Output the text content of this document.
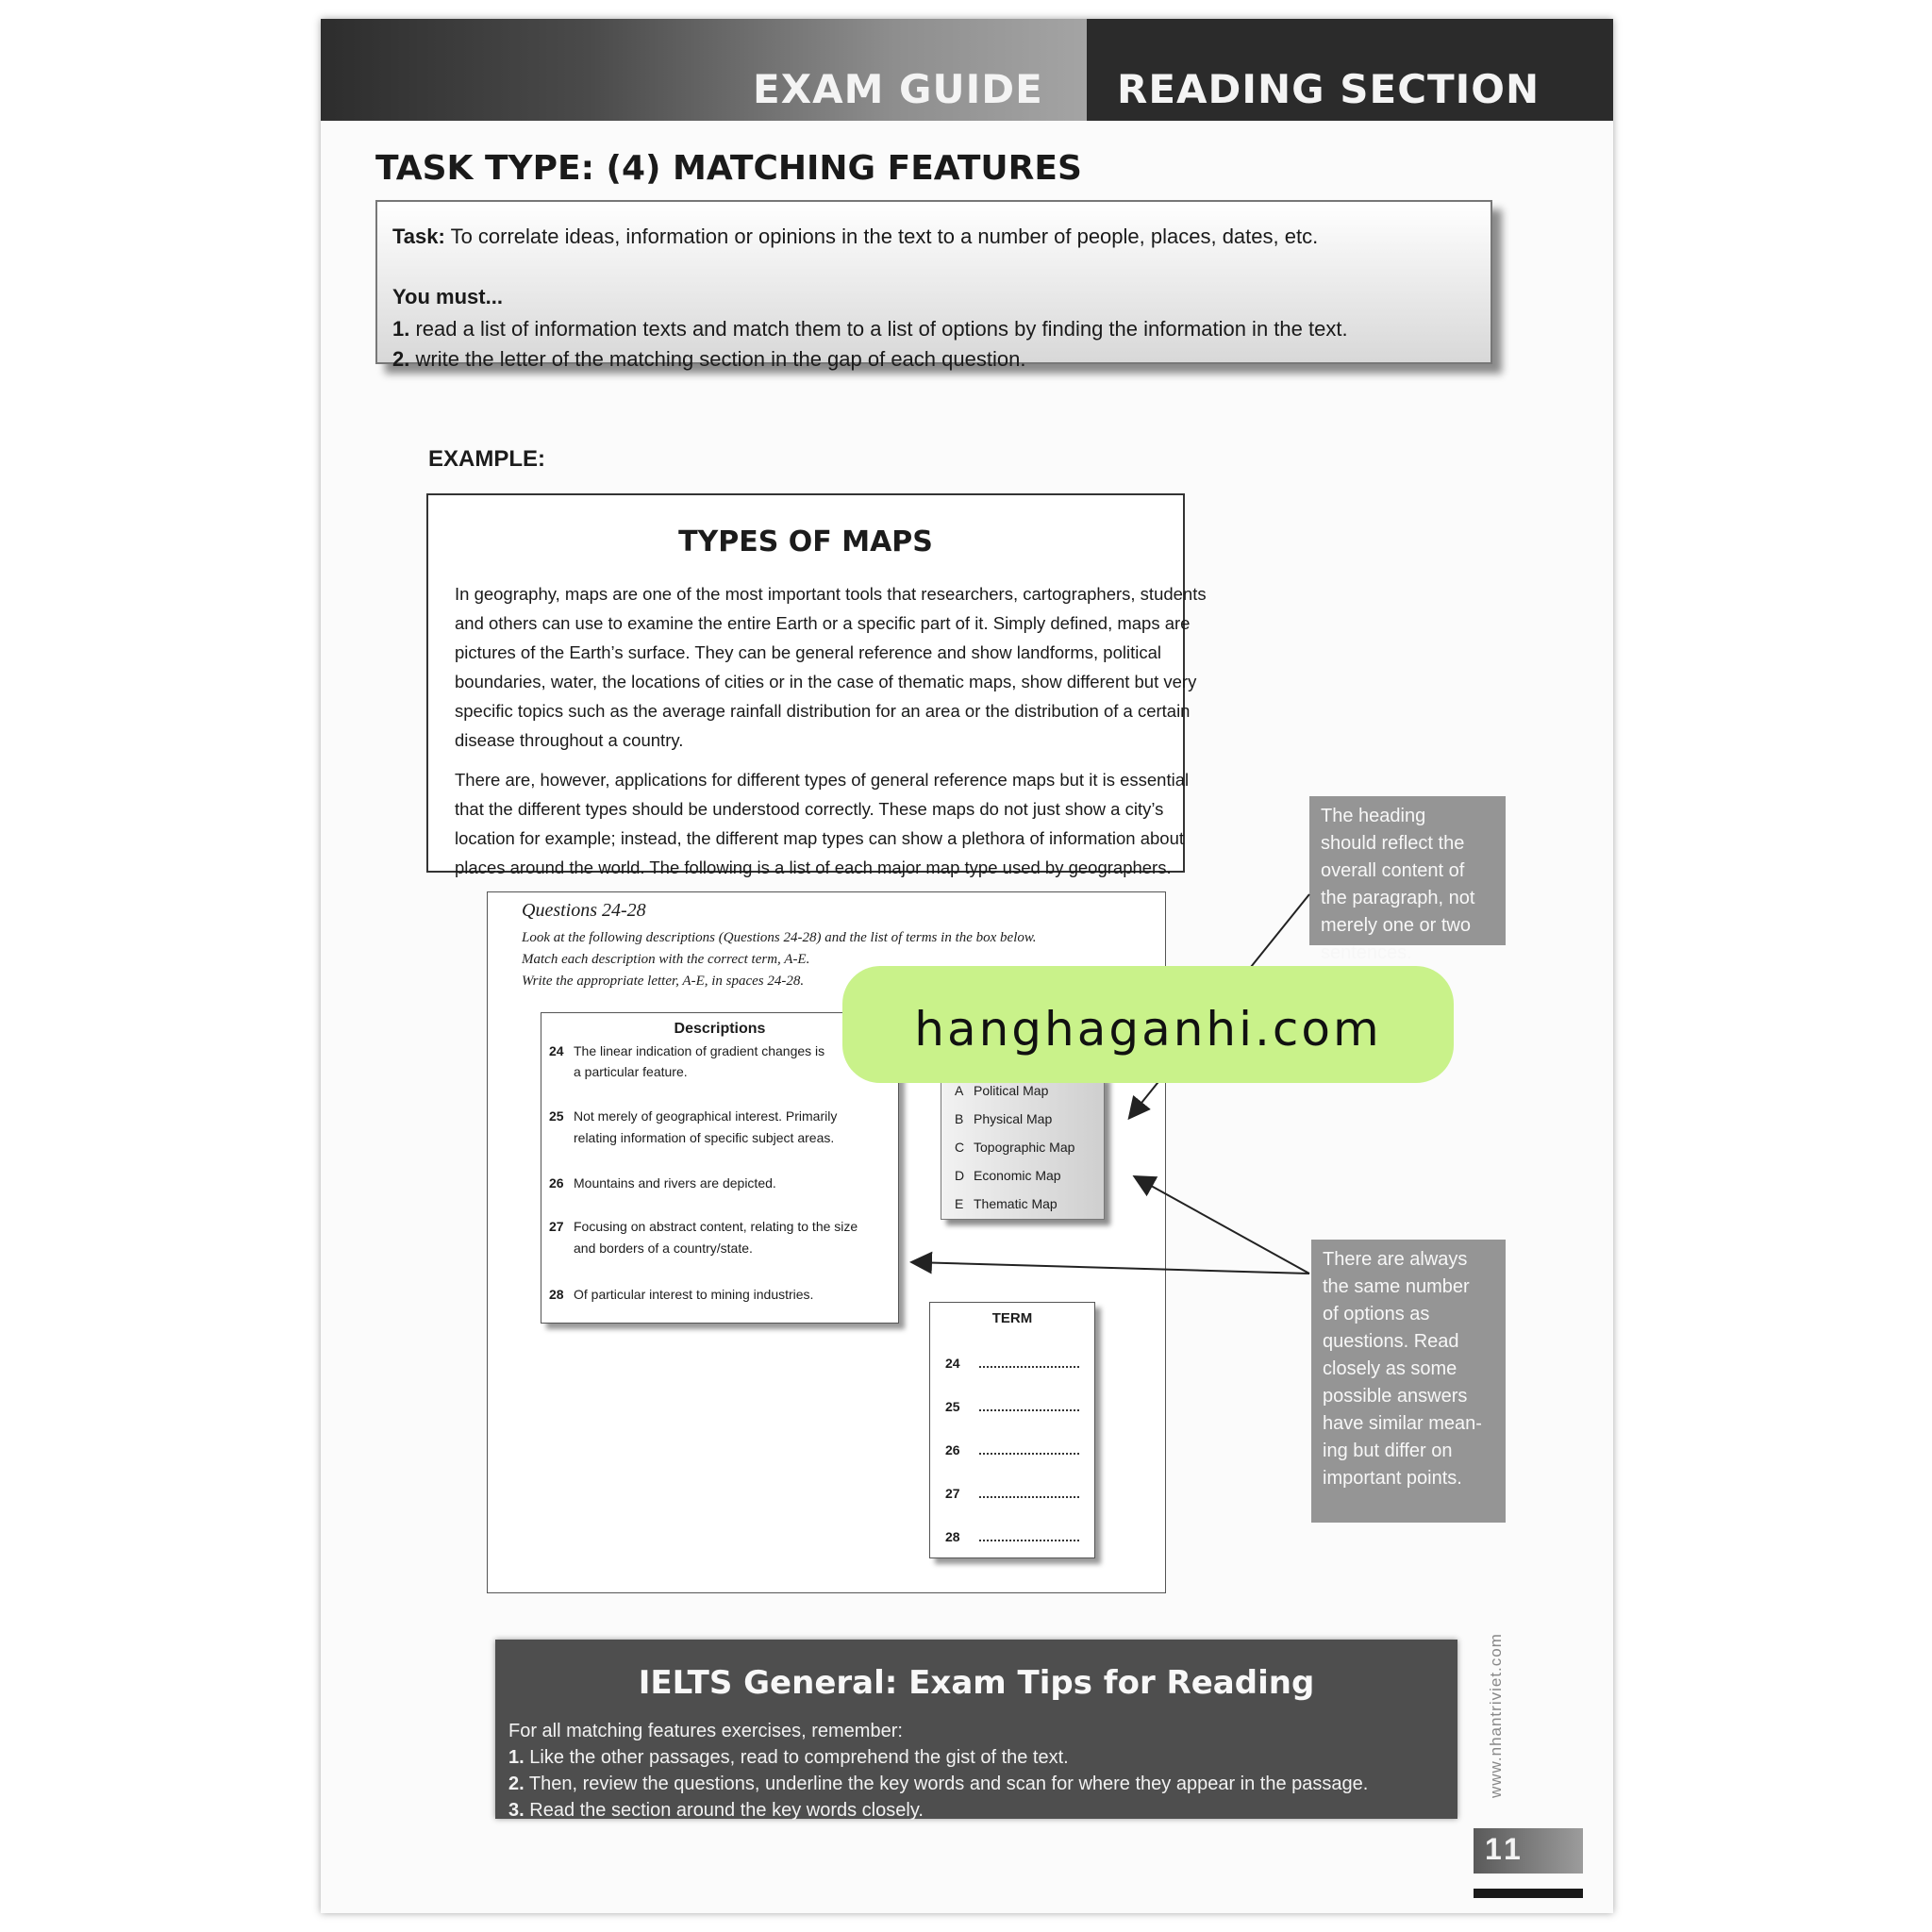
EXAM GUIDE READING SECTION
TASK TYPE: (4) MATCHING FEATURES
Task: To correlate ideas, information or opinions in the text to a number of people, places, dates, etc.
You must...
1. read a list of information texts and match them to a list of options by finding the information in the text.
2. write the letter of the matching section in the gap of each question.
EXAMPLE:
TYPES OF MAPS
In geography, maps are one of the most important tools that researchers, cartographers, students
and others can use to examine the entire Earth or a specific part of it. Simply defined, maps are
pictures of the Earth’s surface. They can be general reference and show landforms, political
boundaries, water, the locations of cities or in the case of thematic maps, show different but very
specific topics such as the average rainfall distribution for an area or the distribution of a certain
disease throughout a country.
There are, however, applications for different types of general reference maps but it is essential
that the different types should be understood correctly. These maps do not just show a city’s
location for example; instead, the different map types can show a plethora of information about
places around the world. The following is a list of each major map type used by geographers.
Questions 24-28
Look at the following descriptions (Questions 24-28) and the list of terms in the box below.
Match each description with the correct term, A-E.
Write the appropriate letter, A-E, in spaces 24-28.
Descriptions
24 The linear indication of gradient changes is
a particular feature.
25 Not merely of geographical interest. Primarily
relating information of specific subject areas.
26 Mountains and rivers are depicted.
27 Focusing on abstract content, relating to the size
and borders of a country/state.
28 Of particular interest to mining industries.
A Political Map
B Physical Map
C Topographic Map
D Economic Map
E Thematic Map
TERM
24
25
26
27
28
The heading
should reflect the
overall content of
the paragraph, not
merely one or two
sentences.
There are always
the same number
of options as
questions. Read
closely as some
possible answers
have similar mean-
ing but differ on
important points.
IELTS General: Exam Tips for Reading
For all matching features exercises, remember:
1. Like the other passages, read to comprehend the gist of the text.
2. Then, review the questions, underline the key words and scan for where they appear in the passage.
3. Read the section around the key words closely.
www.nhantriviet.com
11
hanghaganhi.com
